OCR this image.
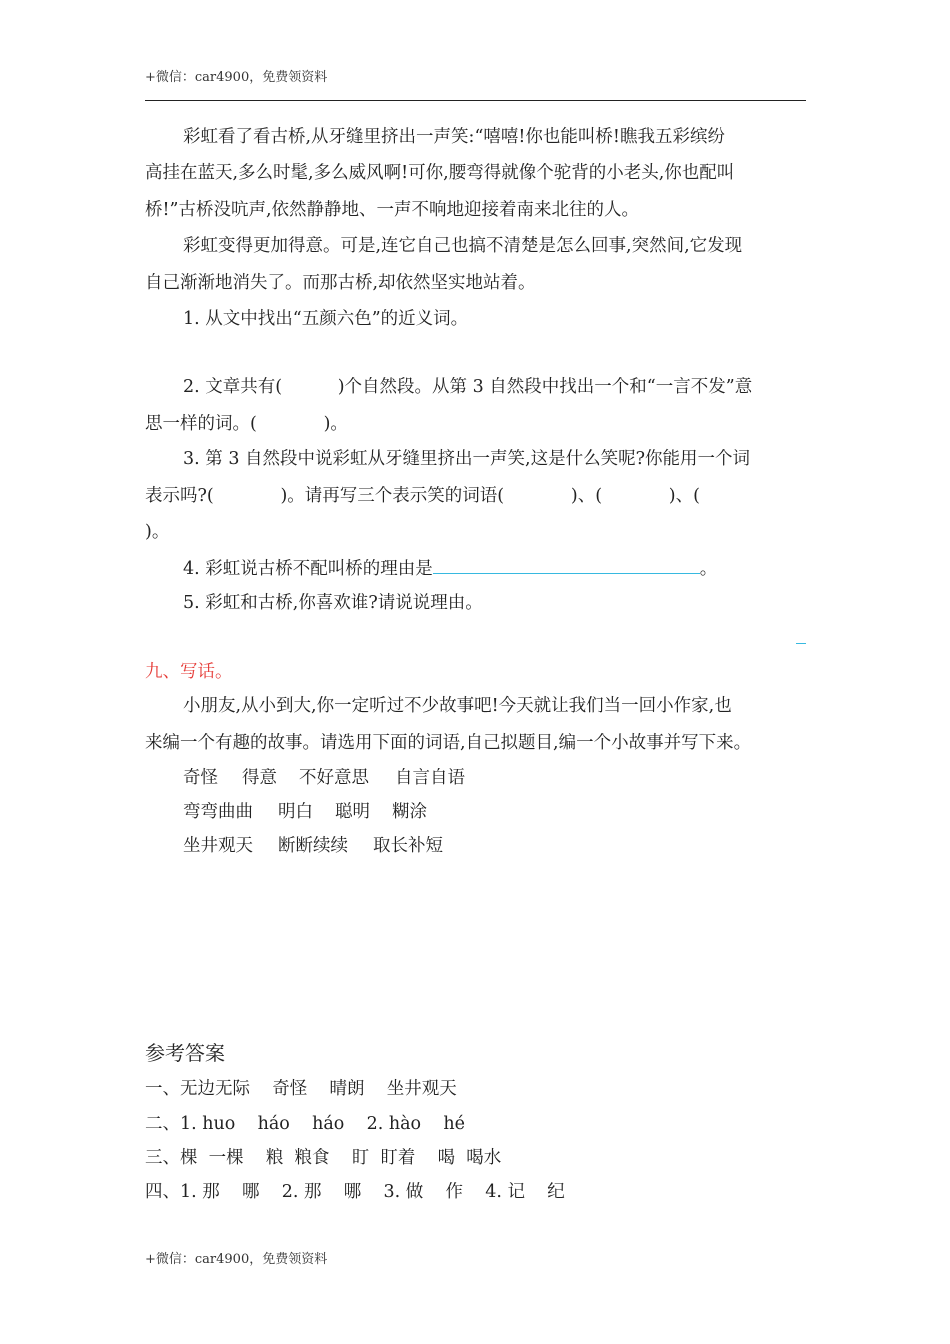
+微信：car4900，免费领资料
彩虹看了看古桥,从牙缝里挤出一声笑:“嘻嘻!你也能叫桥!瞧我五彩缤纷
高挂在蓝天,多么时髦,多么威风啊!可你,腰弯得就像个驼背的小老头,你也配叫
桥!”古桥没吭声,依然静静地、一声不响地迎接着南来北往的人。
彩虹变得更加得意。可是,连它自己也搞不清楚是怎么回事,突然间,它发现
自己渐渐地消失了。而那古桥,却依然坚实地站着。
1. 从文中找出“五颜六色”的近义词。
2. 文章共有(          )个自然段。从第 3 自然段中找出一个和“一言不发”意
思一样的词。(            )。
3. 第 3 自然段中说彩虹从牙缝里挤出一声笑,这是什么笑呢?你能用一个词
表示吗?(            )。请再写三个表示笑的词语(            )、(            )、(
)。
4. 彩虹说古桥不配叫桥的理由是	。
5. 彩虹和古桥,你喜欢谁?请说说理由。
九、写话。
小朋友,从小到大,你一定听过不少故事吧!今天就让我们当一回小作家,也
来编一个有趣的故事。请选用下面的词语,自己拟题目,编一个小故事并写下来。
奇怪 得意 不好意思 自言自语
弯弯曲曲 明白 聪明 糊涂
坐井观天 断断续续 取长补短
参考答案
一、无边无际    奇怪    晴朗    坐井观天
二、1. huo    háo    háo    2. hào    hé
三、棵  一棵    粮  粮食    盯  盯着    喝  喝水
四、1. 那    哪    2. 那    哪    3. 做    作    4. 记    纪
+微信：car4900，免费领资料
